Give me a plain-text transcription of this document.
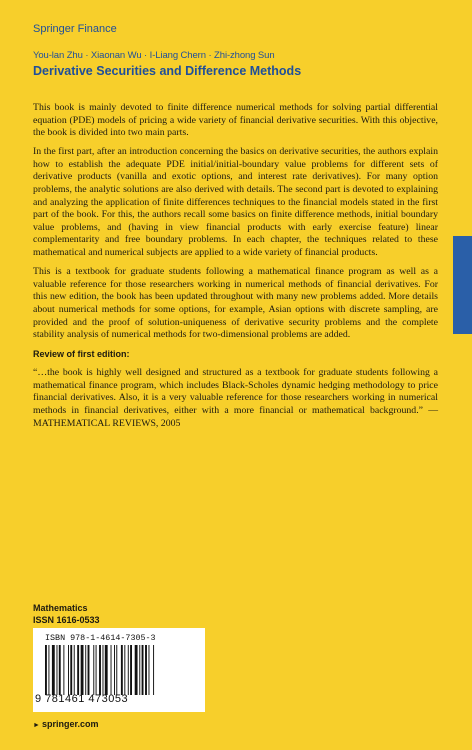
Springer Finance
You-lan Zhu · Xiaonan Wu · I-Liang Chern · Zhi-zhong Sun
Derivative Securities and Difference Methods

This book is mainly devoted to finite difference numerical methods for solving partial differential equation (PDE) models of pricing a wide variety of financial derivative securities. With this objective, the book is divided into two main parts.

In the first part, after an introduction concerning the basics on derivative securities, the authors explain how to establish the adequate PDE initial/initial-boundary value problems for different sets of derivative products (vanilla and exotic options, and interest rate derivatives). For many option problems, the analytic solutions are also derived with details. The second part is devoted to explaining and analyzing the application of finite differences techniques to the financial models stated in the first part of the book. For this, the authors recall some basics on finite difference methods, initial boundary value problems, and (having in view financial products with early exercise feature) linear complementarity and free boundary problems. In each chapter, the techniques related to these mathematical and numerical subjects are applied to a wide variety of financial products.

This is a textbook for graduate students following a mathematical finance program as well as a valuable reference for those researchers working in numerical methods of financial derivatives. For this new edition, the book has been updated throughout with many new problems added. More details about numerical methods for some options, for example, Asian options with discrete sampling, are provided and the proof of solution-uniqueness of derivative security problems and the complete stability analysis of numerical methods for two-dimensional problems are added.

Review of first edition:

“…the book is highly well designed and structured as a textbook for graduate students following a mathematical finance program, which includes Black-Scholes dynamic hedging methodology to price financial derivatives. Also, it is a very valuable reference for those researchers working in numerical methods in financial derivatives, either with a more financial or mathematical background.” — MATHEMATICAL REVIEWS, 2005

Mathematics
ISSN 1616-0533
ISBN 978-1-4614-7305-3
9 781461 473053
► springer.com
